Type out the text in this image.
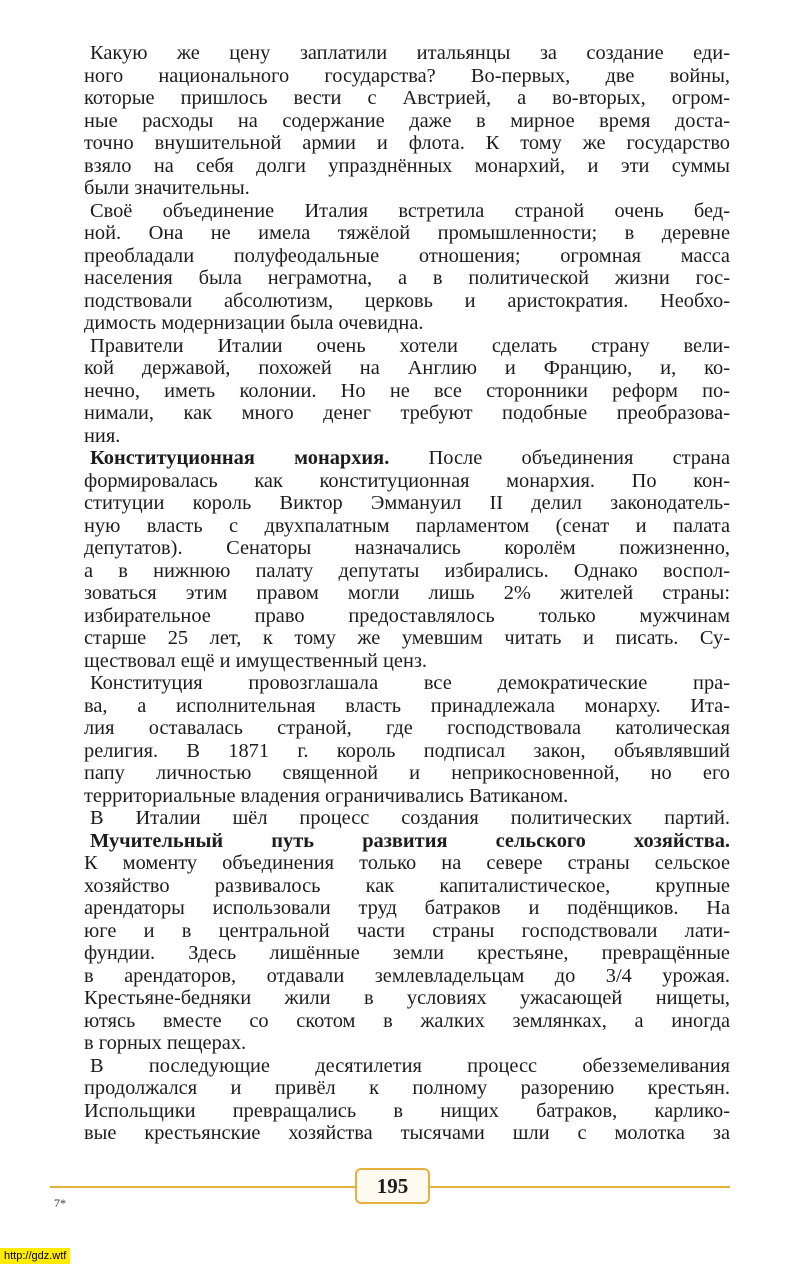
Какую же цену заплатили итальянцы за создание еди-
ного национального государства? Во-первых, две войны,
которые пришлось вести с Австрией, а во-вторых, огром-
ные расходы на содержание даже в мирное время доста-
точно внушительной армии и флота. К тому же государство
взяло на себя долги упразднённых монархий, и эти суммы
были значительны.
Своё объединение Италия встретила страной очень бед-
ной. Она не имела тяжёлой промышленности; в деревне
преобладали полуфеодальные отношения; огромная масса
населения была неграмотна, а в политической жизни гос-
подствовали абсолютизм, церковь и аристократия. Необхо-
димость модернизации была очевидна.
Правители Италии очень хотели сделать страну вели-
кой державой, похожей на Англию и Францию, и, ко-
нечно, иметь колонии. Но не все сторонники реформ по-
нимали, как много денег требуют подобные преобразова-
ния.
Конституционная монархия. После объединения страна
формировалась как конституционная монархия. По кон-
ституции король Виктор Эммануил II делил законодатель-
ную власть с двухпалатным парламентом (сенат и палата
депутатов). Сенаторы назначались королём пожизненно,
а в нижнюю палату депутаты избирались. Однако воспол-
зоваться этим правом могли лишь 2% жителей страны:
избирательное право предоставлялось только мужчинам
старше 25 лет, к тому же умевшим читать и писать. Су-
ществовал ещё и имущественный ценз.
Конституция провозглашала все демократические пра-
ва, а исполнительная власть принадлежала монарху. Ита-
лия оставалась страной, где господствовала католическая
религия. В 1871 г. король подписал закон, объявлявший
папу личностью священной и неприкосновенной, но его
территориальные владения ограничивались Ватиканом.
В Италии шёл процесс создания политических партий.
Мучительный путь развития сельского хозяйства.
К моменту объединения только на севере страны сельское
хозяйство развивалось как капиталистическое, крупные
арендаторы использовали труд батраков и подёнщиков. На
юге и в центральной части страны господствовали лати-
фундии. Здесь лишённые земли крестьяне, превращённые
в арендаторов, отдавали землевладельцам до 3/4 урожая.
Крестьяне-бедняки жили в условиях ужасающей нищеты,
ютясь вместе со скотом в жалких землянках, а иногда
в горных пещерах.
В последующие десятилетия процесс обезземеливания
продолжался и привёл к полному разорению крестьян.
Испольщики превращались в нищих батраков, карлико-
вые крестьянские хозяйства тысячами шли с молотка за
195
7*
http://gdz.wtf
